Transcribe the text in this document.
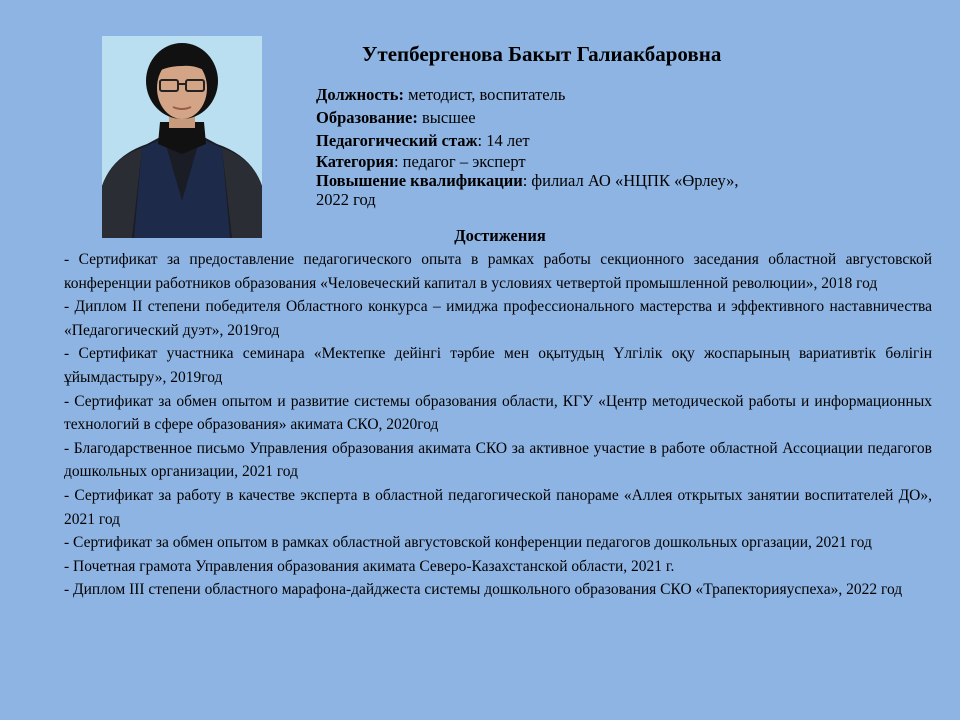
Утепбергенова Бакыт Галиакбаровна
Должность: методист, воспитатель
Образование: высшее
Педагогический стаж: 14 лет
Категория: педагог – эксперт
Повышение квалификации: филиал АО «НЦПК «Өрлеу»,
2022 год
Достижения
- Сертификат за предоставление педагогического опыта в рамках работы секционного заседания областной августовской конференции работников образования «Человеческий капитал в условиях четвертой промышленной революции», 2018 год
- Диплом II степени победителя Областного конкурса – имиджа профессионального мастерства и эффективного наставничества «Педагогический дуэт», 2019год
- Сертификат участника семинара «Мектепке дейінгі тәрбие мен оқытудың Үлгілік оқу жоспарының вариативтік бөлігін ұйымдастыру», 2019год
- Сертификат за обмен опытом и развитие системы образования области, КГУ «Центр методической работы и информационных технологий в сфере образования» акимата СКО, 2020год
- Благодарственное письмо Управления образования акимата СКО за активное участие в работе областной Ассоциации педагогов дошкольных организации, 2021 год
- Сертификат за работу в качестве эксперта в областной педагогической панораме «Аллея открытых занятии воспитателей ДО», 2021 год
- Сертификат за обмен опытом в рамках областной августовской конференции педагогов дошкольных оргазации, 2021 год
- Почетная грамота Управления образования акимата Северо-Казахстанской области, 2021 г.
- Диплом III степени областного марафона-дайджеста системы дошкольного образования СКО «Трапекторияуспеха», 2022 год
